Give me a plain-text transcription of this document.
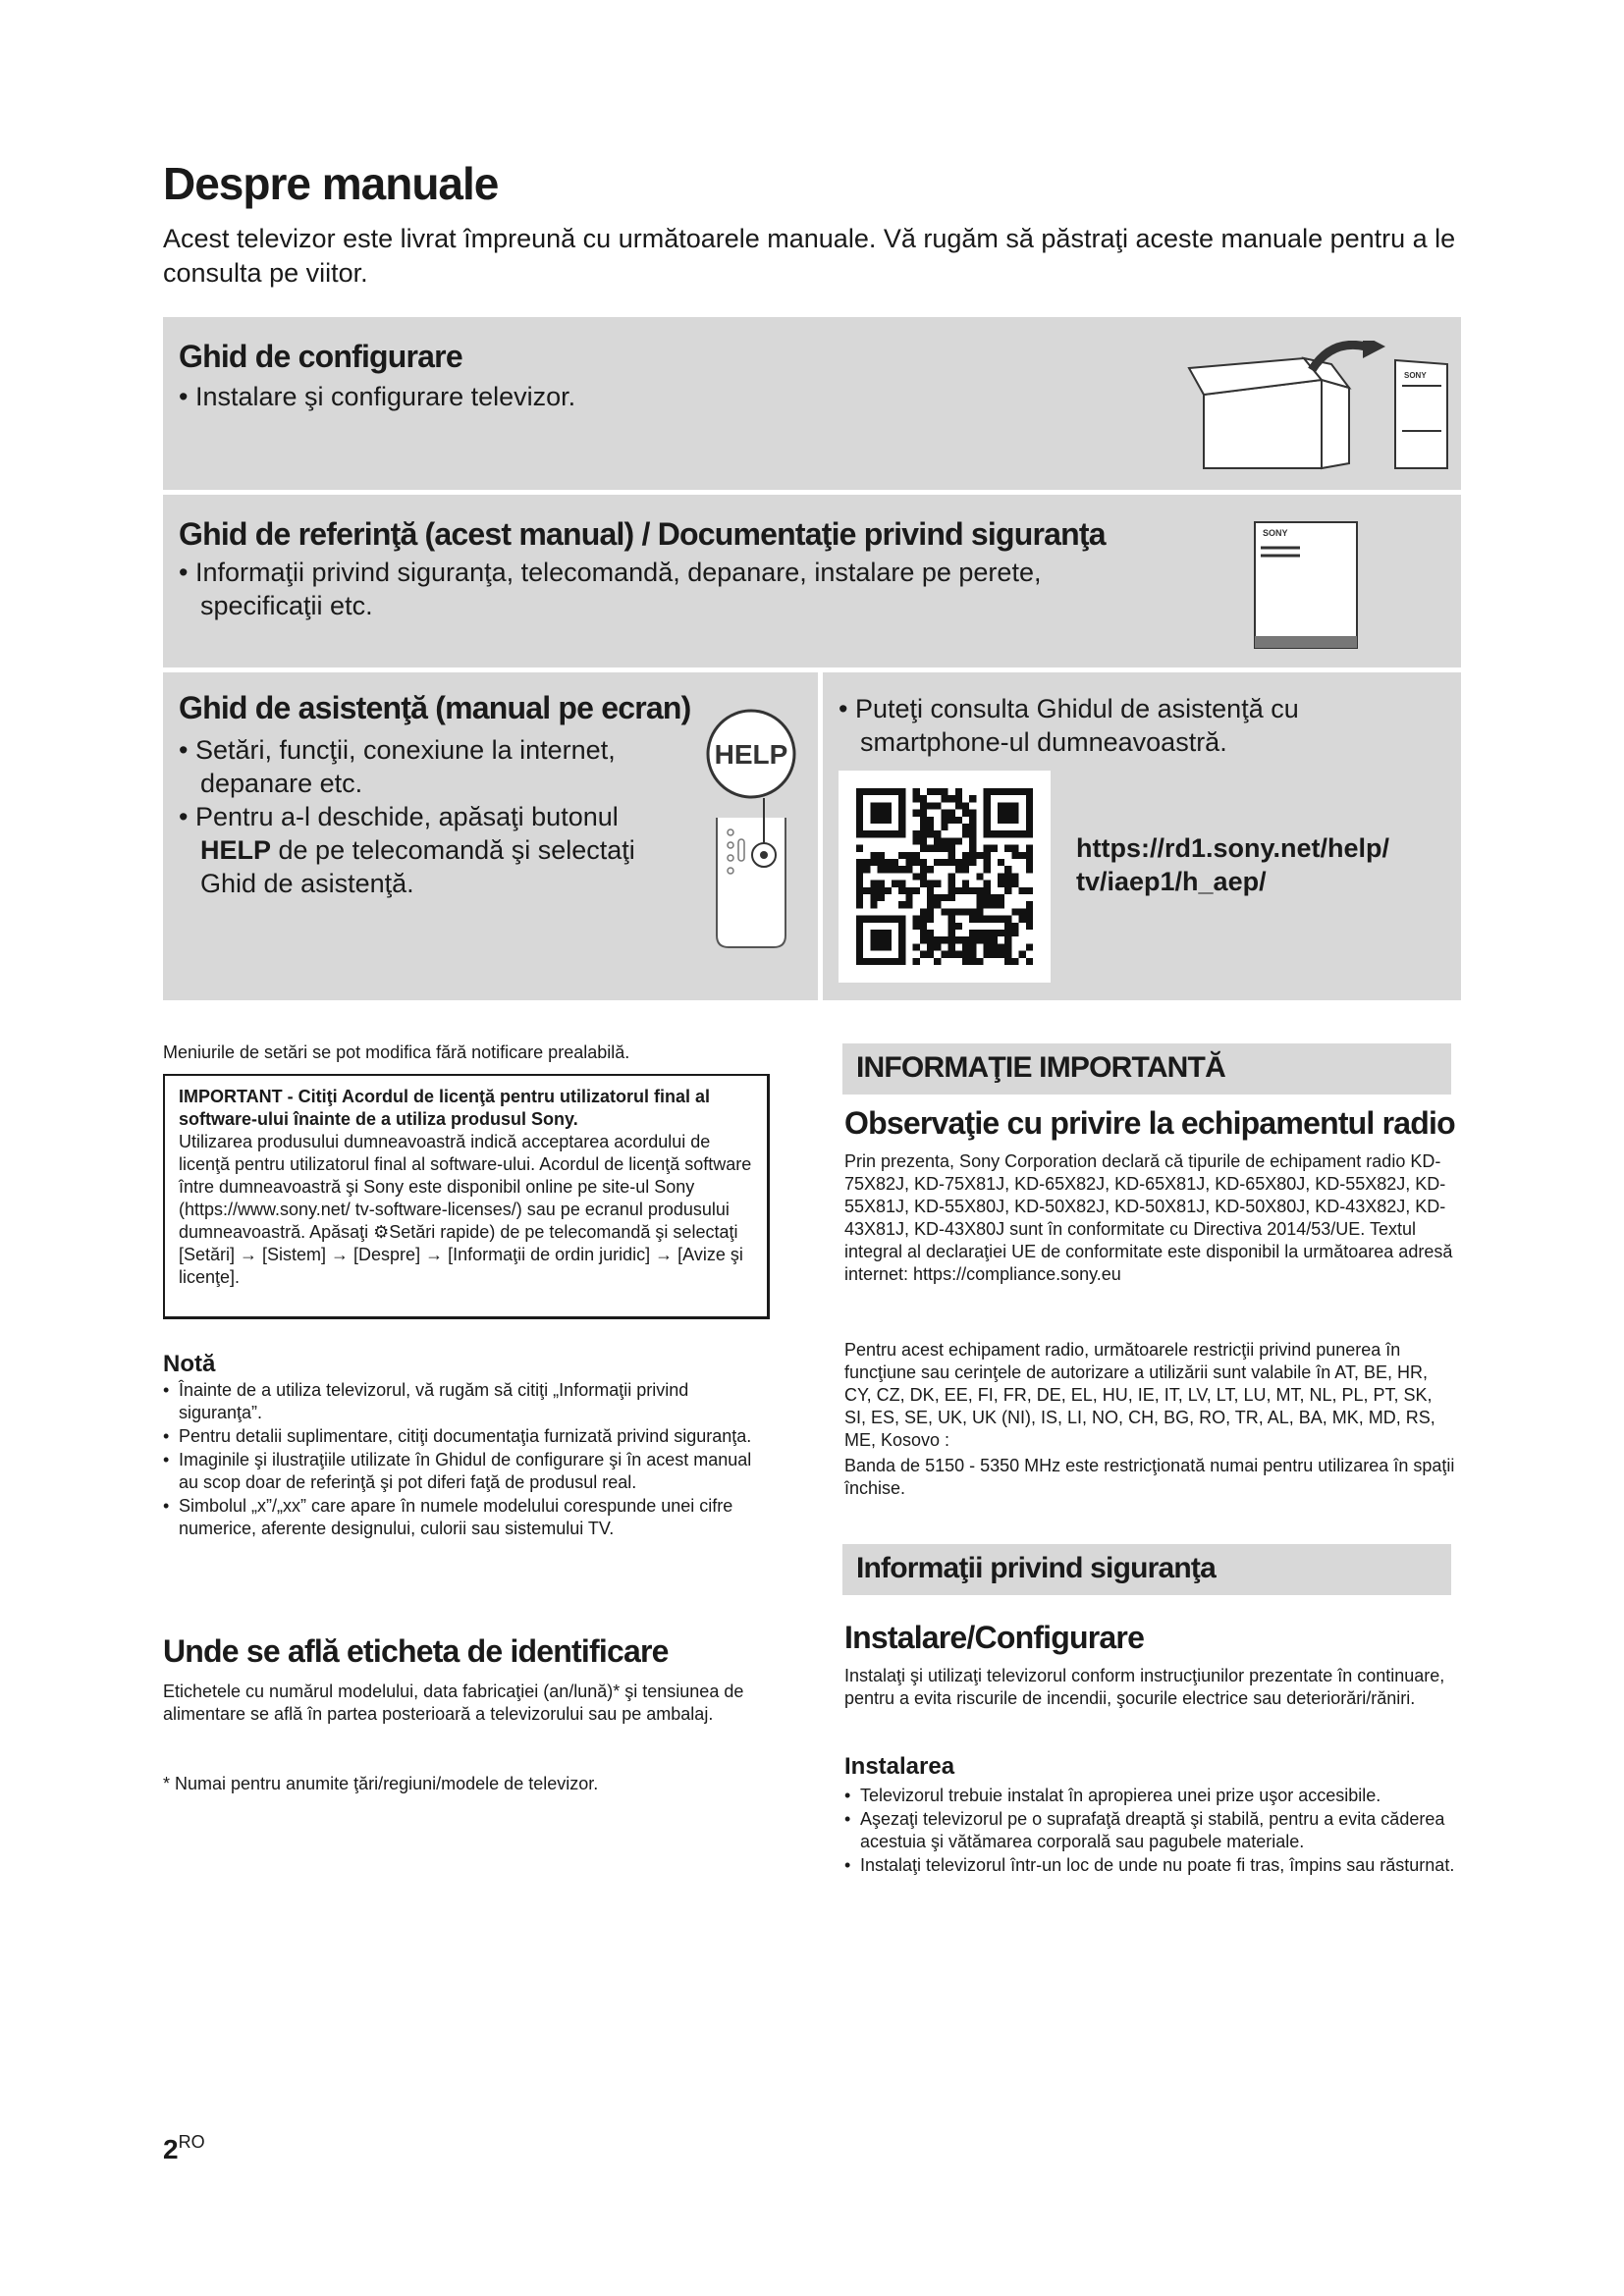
Despre manuale

Acest televizor este livrat împreună cu următoarele manuale. Vă rugăm să păstraţi aceste manuale pentru a le consulta pe viitor.

Ghid de configurare

• Instalare şi configurare televizor.

SONY
Ghid de referinţă (acest manual) / Documentaţie privind siguranţa

• Informaţii privind siguranţa, telecomandă, depanare, instalare pe perete, specificaţii etc.

SONY
Ghid de asistenţă (manual pe ecran)

• Setări, funcţii, conexiune la internet, depanare etc.

• Pentru a-l deschide, apăsaţi butonul HELP de pe telecomandă şi selectaţi Ghid de asistenţă.

HELP

• Puteţi consulta Ghidul de asistenţă cu smartphone-ul dumneavoastră.

https://rd1.sony.net/help/
tv/iaep1/h_aep/

Meniurile de setări se pot modifica fără notificare prealabilă.

IMPORTANT - Citiţi Acordul de licenţă pentru utilizatorul final al software-ului înainte de a utiliza produsul Sony.

Utilizarea produsului dumneavoastră indică acceptarea acordului de licenţă pentru utilizatorul final al software-ului. Acordul de licenţă software între dumneavoastră şi Sony este disponibil online pe site-ul Sony (https://www.sony.net/ tv-software-licenses/) sau pe ecranul produsului dumneavoastră. Apăsaţi ⚙Setări rapide) de pe telecomandă şi selectaţi [Setări] → [Sistem] → [Despre] → [Informaţii de ordin juridic] → [Avize şi licenţe].

Notă
• Înainte de a utiliza televizorul, vă rugăm să citiţi „Informaţii privind siguranţa”.
• Pentru detalii suplimentare, citiţi documentaţia furnizată privind siguranţa.
• Imaginile şi ilustraţiile utilizate în Ghidul de configurare şi în acest manual au scop doar de referinţă şi pot diferi faţă de produsul real.
• Simbolul „x”/„xx” care apare în numele modelului corespunde unei cifre numerice, aferente designului, culorii sau sistemului TV.
Unde se află eticheta de identificare

Etichetele cu numărul modelului, data fabricaţiei (an/lună)* şi tensiunea de alimentare se află în partea posterioară a televizorului sau pe ambalaj.

* Numai pentru anumite ţări/regiuni/modele de televizor.

INFORMAŢIE IMPORTANTĂ
Observaţie cu privire la echipamentul radio

Prin prezenta, Sony Corporation declară că tipurile de echipament radio KD-75X82J, KD-75X81J, KD-65X82J, KD-65X81J, KD-65X80J, KD-55X82J, KD-55X81J, KD-55X80J, KD-50X82J, KD-50X81J, KD-50X80J, KD-43X82J, KD-43X81J, KD-43X80J sunt în conformitate cu Directiva 2014/53/UE. Textul integral al declaraţiei UE de conformitate este disponibil la următoarea adresă internet: https://compliance.sony.eu

Pentru acest echipament radio, următoarele restricţii privind punerea în funcţiune sau cerinţele de autorizare a utilizării sunt valabile în AT, BE, HR, CY, CZ, DK, EE, FI, FR, DE, EL, HU, IE, IT, LV, LT, LU, MT, NL, PL, PT, SK, SI, ES, SE, UK, UK (NI), IS, LI, NO, CH, BG, RO, TR, AL, BA, MK, MD, RS, ME, Kosovo :

Banda de 5150 - 5350 MHz este restricţionată numai pentru utilizarea în spaţii închise.

Informaţii privind siguranţa
Instalare/Configurare

Instalaţi şi utilizaţi televizorul conform instrucţiunilor prezentate în continuare, pentru a evita riscurile de incendii, şocurile electrice sau deteriorări/răniri.

Instalarea
• Televizorul trebuie instalat în apropierea unei prize uşor accesibile.
• Aşezaţi televizorul pe o suprafaţă dreaptă şi stabilă, pentru a evita căderea acestuia şi vătămarea corporală sau pagubele materiale.
• Instalaţi televizorul într-un loc de unde nu poate fi tras, împins sau răsturnat.
$2^{RO}$
